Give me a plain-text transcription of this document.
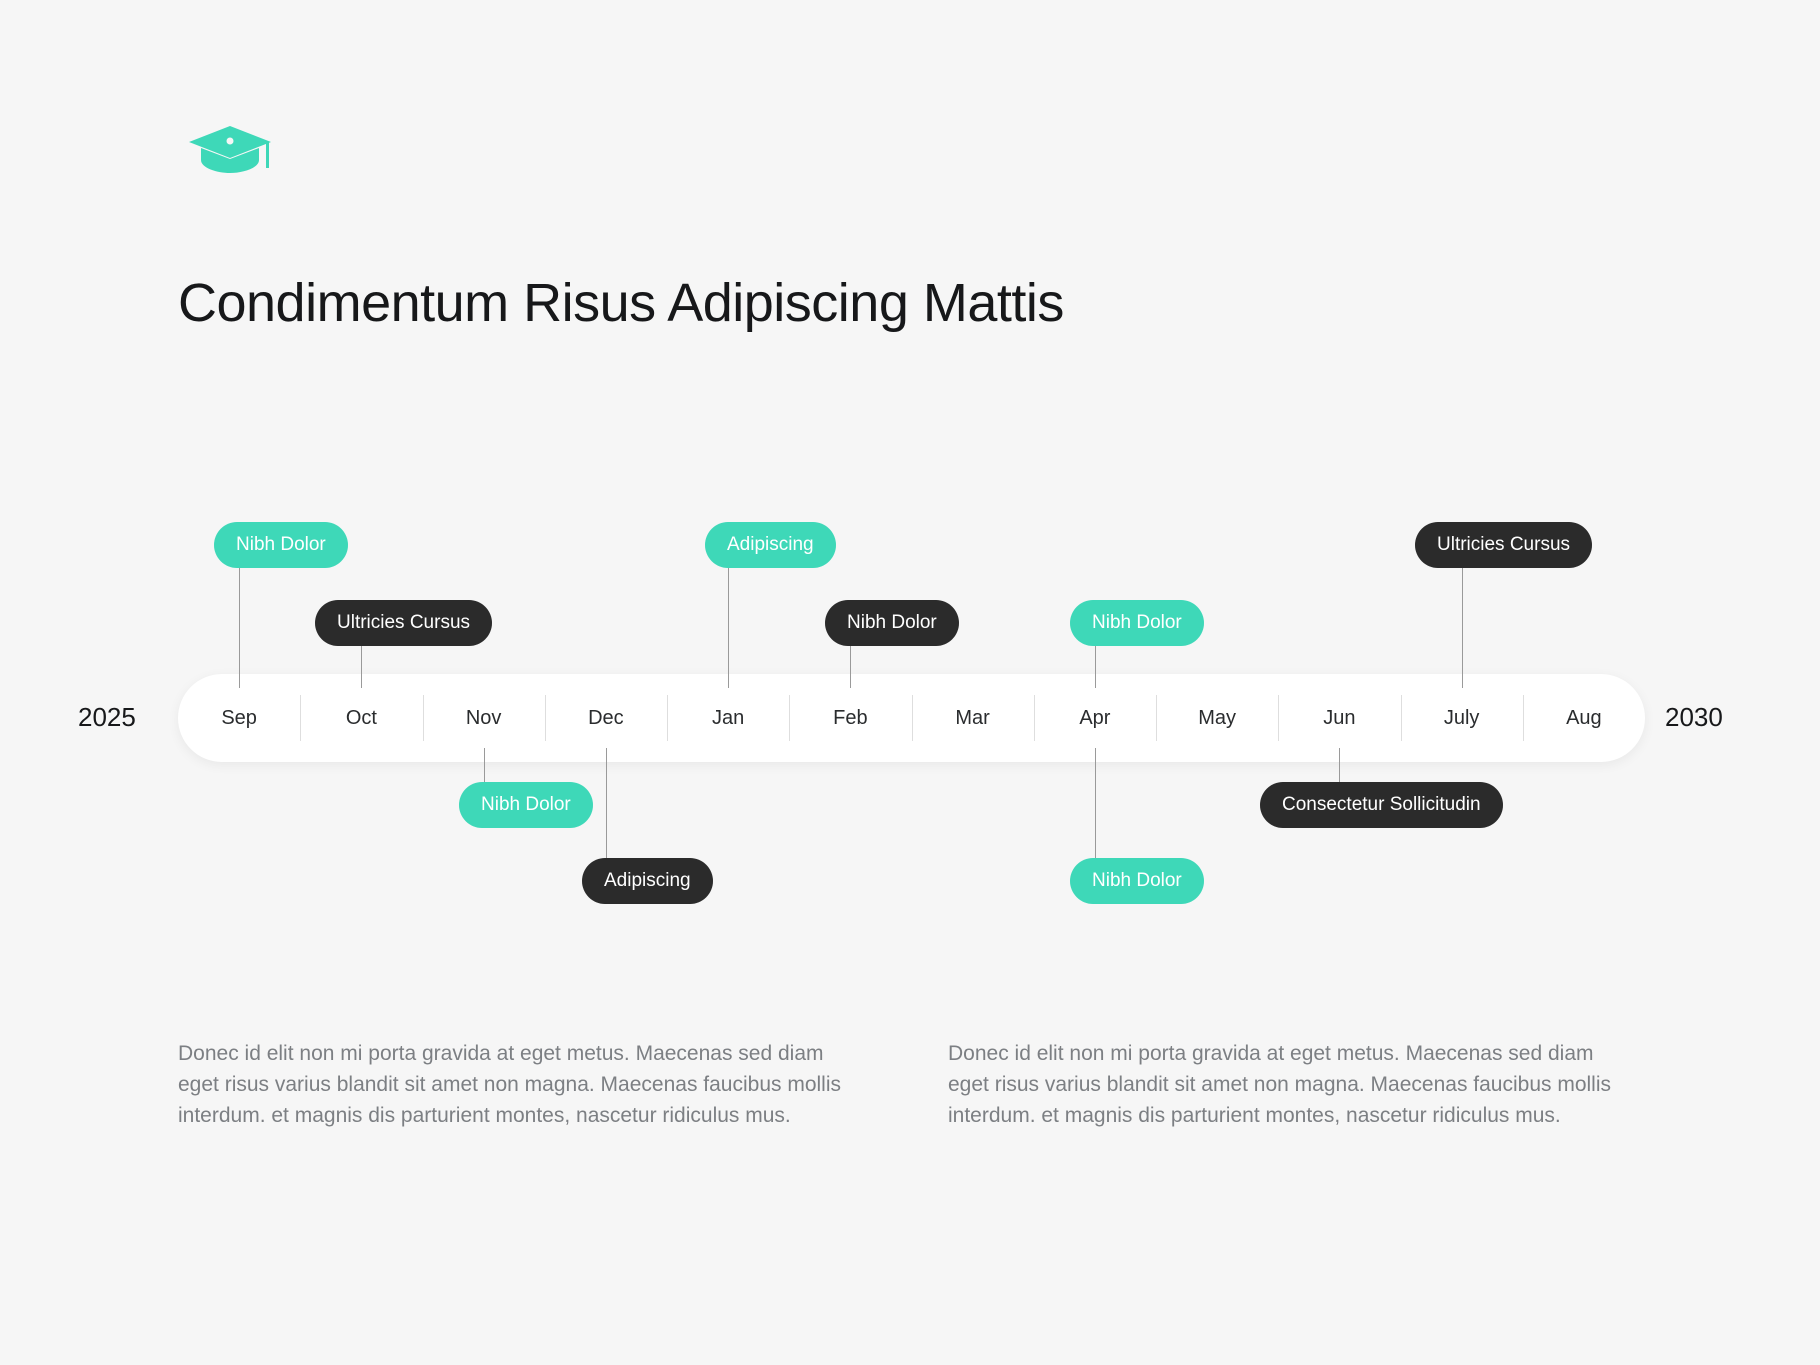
Condimentum Risus Adipiscing Mattis
2025	2030
Sep	Oct	Nov	Dec	Jan	Feb	Mar	Apr	May	Jun	July	Aug
Nibh Dolor
Ultricies Cursus
Adipiscing
Nibh Dolor	Nibh Dolor
Ultricies Cursus
Nibh Dolor
Adipiscing	Nibh Dolor
Consectetur Sollicitudin
Donec id elit non mi porta gravida at eget metus. Maecenas sed diam eget risus varius blandit sit amet non magna. Maecenas faucibus mollis interdum. et magnis dis parturient montes, nascetur ridiculus mus.
Donec id elit non mi porta gravida at eget metus. Maecenas sed diam eget risus varius blandit sit amet non magna. Maecenas faucibus mollis interdum. et magnis dis parturient montes, nascetur ridiculus mus.
